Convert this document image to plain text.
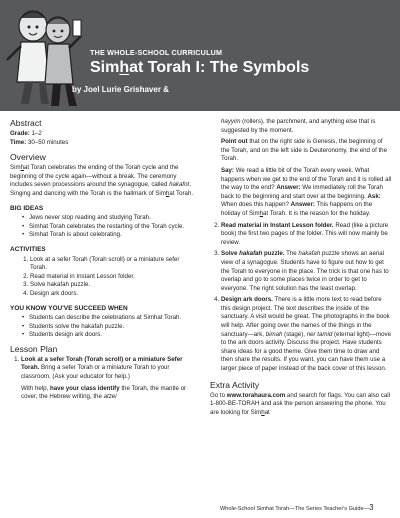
THE WHOLE-SCHOOL CURRICULUM
Simhat Torah I: The Symbols
by Joel Lurie Grishaver &
Abstract
Grade: 1–2
Time: 30–50 minutes
Overview

Simhat Torah celebrates the ending of the Torah cycle and the beginning of the cycle again—without a break. The ceremony includes seven processions around the synagogue, called hakafot. Singing and dancing with the Torah is the hallmark of Simhat Torah.

BIG IDEAS
• Jews never stop reading and studying Torah.
• Simhat Torah celebrates the restarting of the Torah cycle.
• Simhat Torah is about celebrating.
ACTIVITIES
1. Look at a sefer Torah (Torah scroll) or a miniature sefer Torah.
2. Read material in Instant Lesson folder.
3. Solve hakafah puzzle.
4. Design ark doors.
YOU KNOW YOU'VE SUCCEED WHEN
• Students can describe the celebrations at Simhat Torah.
• Students solve the hakafah puzzle.
• Students design ark doors.
Lesson Plan

1. Look at a sefer Torah (Torah scroll) or a miniature Sefer Torah. Bring a sefer Torah or a miniature Torah to your classroom. (Ask your educator for help.)

With help, have your class identify the Torah, the mantle or cover, the Hebrew writing, the atzei

hayyim (rollers), the parchment, and anything else that is suggested by the moment.

Point out that on the right side is Genesis, the beginning of the Torah, and on the left side is Deuteronomy, the end of the Torah.

Say: We read a little bit of the Torah every week. What happens when we get to the end of the Torah and it is rolled all the way to the end? Answer: We immediately roll the Torah back to the beginning and start over at the beginning. Ask: When does this happen? Answer: This happens on the holiday of Simhat Torah. It is the reason for the holiday.

2. Read material in Instant Lesson folder. Read (like a picture book) the first two pages of the folder. This will now mainly be review.
3. Solve hakafah puzzle. The hakafah puzzle shows an aerial view of a synagogue. Students have to figure out how to get the Torah to everyone in the place. The trick is that one has to overlap and go to some places twice in order to get to everyone. The right solution has the least overlap.
4. Design ark doors. There is a little more text to read before this design project. The text describes the inside of the sanctuary. A visit would be great. The photographs in the book will help. After going over the names of the things in the sanctuary—ark, bimah (stage), ner tamid (eternal light)—move to the ark doors activity. Discuss the project. Have students share ideas for a good theme. Give them time to draw and then share the results. If you want, you can have them use a larger piece of paper instead of the back cover of this lesson.
Extra Activity

Go to www.torahaura.com and search for flags. You can also call 1-800-BE-TORAH and ask the person answering the phone. You are looking for Simhat

Whole-School Simhat Torah—The Series Teacher's Guide—3
